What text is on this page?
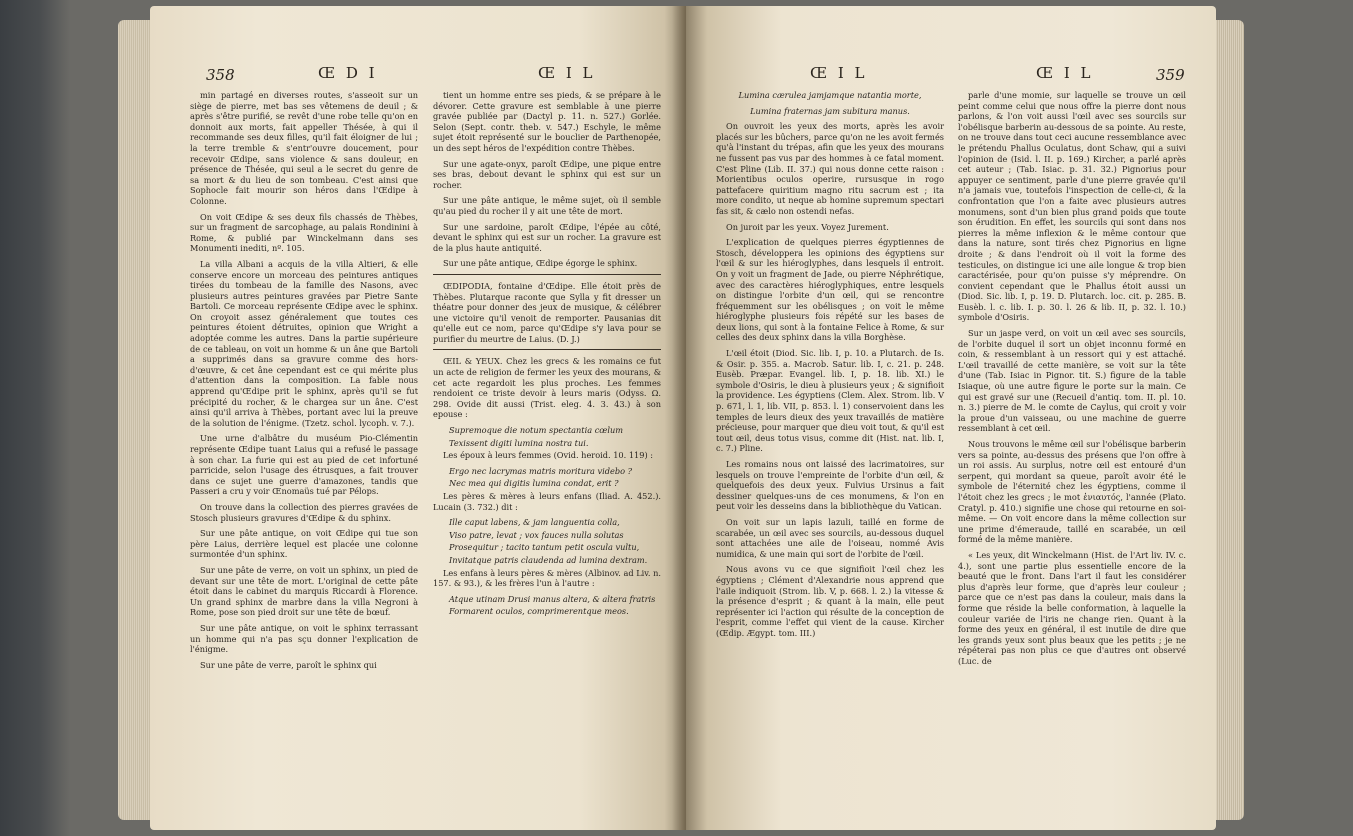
358	Œ D I	Œ I L

min partagé en diverses routes, s'asseoit sur un siège de pierre, met bas ses vêtemens de deuil ; & après s'être purifié, se revêt d'une robe telle qu'on en donnoit aux morts, fait appeller Thésée, à qui il recommande ses deux filles, qu'il fait éloigner de lui ; la terre tremble & s'entr'ouvre doucement, pour recevoir Œdipe, sans violence & sans douleur, en présence de Thésée, qui seul a le secret du genre de sa mort & du lieu de son tombeau. C'est ainsi que Sophocle fait mourir son héros dans l'Œdipe à Colonne.

On voit Œdipe & ses deux fils chassés de Thèbes, sur un fragment de sarcophage, au palais Rondinini à Rome, & publié par Winckelmann dans ses Monumenti inediti, nº. 105.

La villa Albani a acquis de la villa Altieri, & elle conserve encore un morceau des peintures antiques tirées du tombeau de la famille des Nasons, avec plusieurs autres peintures gravées par Pietre Sante Bartoli. Ce morceau représente Œdipe avec le sphinx. On croyoit assez généralement que toutes ces peintures étoient détruites, opinion que Wright a adoptée comme les autres. Dans la partie supérieure de ce tableau, on voit un homme & un âne que Bartoli a supprimés dans sa gravure comme des hors-d'œuvre, & cet âne cependant est ce qui mérite plus d'attention dans la composition. La fable nous apprend qu'Œdipe prit le sphinx, après qu'il se fut précipité du rocher, & le chargea sur un âne. C'est ainsi qu'il arriva à Thèbes, portant avec lui la preuve de la solution de l'énigme. (Tzetz. schol. lycoph. v. 7.).

Une urne d'albâtre du muséum Pio-Clémentin représente Œdipe tuant Laius qui a refusé le passage à son char. La furie qui est au pied de cet infortuné parricide, selon l'usage des étrusques, a fait trouver dans ce sujet une guerre d'amazones, tandis que Passeri a cru y voir Œnomaüs tué par Pélops.

On trouve dans la collection des pierres gravées de Stosch plusieurs gravures d'Œdipe & du sphinx.

Sur une pâte antique, on voit Œdipe qui tue son père Laius, derrière lequel est placée une colonne surmontée d'un sphinx.

Sur une pâte de verre, on voit un sphinx, un pied de devant sur une tête de mort. L'original de cette pâte étoit dans le cabinet du marquis Riccardi à Florence. Un grand sphinx de marbre dans la villa Negroni à Rome, pose son pied droit sur une tête de bœuf.

Sur une pâte antique, on voit le sphinx terrassant un homme qui n'a pas sçu donner l'explication de l'énigme.

Sur une pâte de verre, paroît le sphinx qui

tient un homme entre ses pieds, & se prépare à le dévorer. Cette gravure est semblable à une pierre gravée publiée par (Dactyl p. 11. n. 527.) Gorlée. Selon (Sept. contr. theb. v. 547.) Eschyle, le même sujet étoit représenté sur le bouclier de Parthenopée, un des sept héros de l'expédition contre Thèbes.

Sur une agate-onyx, paroît Œdipe, une pique entre ses bras, debout devant le sphinx qui est sur un rocher.

Sur une pâte antique, le même sujet, où il semble qu'au pied du rocher il y ait une tête de mort.

Sur une sardoine, paroît Œdipe, l'épée au côté, devant le sphinx qui est sur un rocher. La gravure est de la plus haute antiquité.

Sur une pâte antique, Œdipe égorge le sphinx.

ŒDIPODIA, fontaine d'Œdipe. Elle étoit près de Thèbes. Plutarque raconte que Sylla y fit dresser un théatre pour donner des jeux de musique, & célébrer une victoire qu'il venoit de remporter. Pausanias dit qu'elle eut ce nom, parce qu'Œdipe s'y lava pour se purifier du meurtre de Laius. (D. J.)

ŒIL & YEUX. Chez les grecs & les romains ce fut un acte de religion de fermer les yeux des mourans, & cet acte regardoit les plus proches. Les femmes rendoient ce triste devoir à leurs maris (Odyss. Ω. 298. Ovide dit aussi (Trist. eleg. 4. 3. 43.) à son epouse :

Supremoque die notum spectantia cœlum

Texissent digiti lumina nostra tui.

Les époux à leurs femmes (Ovid. heroid. 10. 119) :

Ergo nec lacrymas matris moritura videbo ?

Nec mea qui digitis lumina condat, erit ?

Les pères & mères à leurs enfans (Iliad. A. 452.). Lucain (3. 732.) dit :

Ille caput labens, & jam languentia colla,

Viso patre, levat ; vox fauces nulla solutas

Prosequitur ; tacito tantum petit oscula vultu,

Invitatque patris claudenda ad lumina dextram.

Les enfans à leurs pères & mères (Albinov. ad Liv. n. 157. & 93.), & les frères l'un à l'autre :

Atque utinam Drusi manus altera, & altera fratris

Formarent oculos, comprimerentque meos.

Œ I L	Œ I L	359

Lumina cærulea jamjamque natantia morte,

Lumina fraternas jam subitura manus.

On ouvroit les yeux des morts, après les avoir placés sur les bûchers, parce qu'on ne les avoit fermés qu'à l'instant du trépas, afin que les yeux des mourans ne fussent pas vus par des hommes à ce fatal moment. C'est Pline (Lib. II. 37.) qui nous donne cette raison : Morientibus oculos operire, rursusque in rogo pattefacere quiritium magno ritu sacrum est ; ita more condito, ut neque ab homine supremum spectari fas sit, & cælo non ostendi nefas.

On juroit par les yeux. Voyez Jurement.

L'explication de quelques pierres égyptiennes de Stosch, développera les opinions des égyptiens sur l'œil & sur les hiéroglyphes, dans lesquels il entroit. On y voit un fragment de Jade, ou pierre Néphrétique, avec des caractères hiéroglyphiques, entre lesquels on distingue l'orbite d'un œil, qui se rencontre fréquemment sur les obélisques ; on voit le même hiéroglyphe plusieurs fois répété sur les bases de deux lions, qui sont à la fontaine Felice à Rome, & sur celles des deux sphinx dans la villa Borghèse.

L'œil étoit (Diod. Sic. lib. I, p. 10. a Plutarch. de Is. & Osir. p. 355. a. Macrob. Satur. lib. I, c. 21. p. 248. Eusèb. Præpar. Evangel. lib. I, p. 18. lib. XI.) le symbole d'Osiris, le dieu à plusieurs yeux ; & signifioit la providence. Les égyptiens (Clem. Alex. Strom. lib. V p. 671, l. 1, lib. VII, p. 853. l. 1) conservoient dans les temples de leurs dieux des yeux travaillés de matière précieuse, pour marquer que dieu voit tout, & qu'il est tout œil, deus totus visus, comme dit (Hist. nat. lib. I, c. 7.) Pline.

Les romains nous ont laissé des lacrimatoires, sur lesquels on trouve l'empreinte de l'orbite d'un œil, & quelquefois des deux yeux. Fulvius Ursinus a fait dessiner quelques-uns de ces monumens, & l'on en peut voir les desseins dans la bibliothèque du Vatican.

On voit sur un lapis lazuli, taillé en forme de scarabée, un œil avec ses sourcils, au-dessous duquel sont attachées une aile de l'oiseau, nommé Avis numidica, & une main qui sort de l'orbite de l'œil.

Nous avons vu ce que signifioit l'œil chez les égyptiens ; Clément d'Alexandrie nous apprend que l'aile indiquoit (Strom. lib. V, p. 668. l. 2.) la vitesse & la présence d'esprit ; & quant à la main, elle peut représenter ici l'action qui résulte de la conception de l'esprit, comme l'effet qui vient de la cause. Kircher (Œdip. Ægypt. tom. III.)

parle d'une momie, sur laquelle se trouve un œil peint comme celui que nous offre la pierre dont nous parlons, & l'on voit aussi l'œil avec ses sourcils sur l'obélisque barberin au-dessous de sa pointe. Au reste, on ne trouve dans tout ceci aucune ressemblance avec le prétendu Phallus Oculatus, dont Schaw, qui a suivi l'opinion de (Isid. l. II. p. 169.) Kircher, a parlé après cet auteur ; (Tab. Isiac. p. 31. 32.) Pignorius pour appuyer ce sentiment, parle d'une pierre gravée qu'il n'a jamais vue, toutefois l'inspection de celle-ci, & la confrontation que l'on a faite avec plusieurs autres monumens, sont d'un bien plus grand poids que toute son érudition. En effet, les sourcils qui sont dans nos pierres la même inflexion & le même contour que dans la nature, sont tirés chez Pignorius en ligne droite ; & dans l'endroit où il voit la forme des testicules, on distingue ici une aile longue & trop bien caractérisée, pour qu'on puisse s'y méprendre. On convient cependant que le Phallus étoit aussi un (Diod. Sic. lib. I, p. 19. D. Plutarch. loc. cit. p. 285. B. Eusèb. l. c. lib. I. p. 30. l. 26 & lib. II, p. 32. l. 10.) symbole d'Osiris.

Sur un jaspe verd, on voit un œil avec ses sourcils, de l'orbite duquel il sort un objet inconnu formé en coin, & ressemblant à un ressort qui y est attaché. L'œil travaillé de cette manière, se voit sur la tête d'une (Tab. Isiac in Pignor. tit. S.) figure de la table Isiaque, où une autre figure le porte sur la main. Ce qui est gravé sur une (Recueil d'antiq. tom. II. pl. 10. n. 3.) pierre de M. le comte de Caylus, qui croit y voir la proue d'un vaisseau, ou une machine de guerre ressemblant à cet œil.

Nous trouvons le même œil sur l'obélisque barberin vers sa pointe, au-dessus des présens que l'on offre à un roi assis. Au surplus, notre œil est entouré d'un serpent, qui mordant sa queue, paroît avoir été le symbole de l'éternité chez les égyptiens, comme il l'étoit chez les grecs ; le mot ἐνιαυτός, l'année (Plato. Cratyl. p. 410.) signifie une chose qui retourne en soi-même. — On voit encore dans la même collection sur une prime d'émeraude, taillé en scarabée, un œil formé de la même manière.

« Les yeux, dit Winckelmann (Hist. de l'Art liv. IV. c. 4.), sont une partie plus essentielle encore de la beauté que le front. Dans l'art il faut les considérer plus d'après leur forme, que d'après leur couleur ; parce que ce n'est pas dans la couleur, mais dans la forme que réside la belle conformation, à laquelle la couleur variée de l'iris ne change rien. Quant à la forme des yeux en général, il est inutile de dire que les grands yeux sont plus beaux que les petits ; je ne répéterai pas non plus ce que d'autres ont observé (Luc. de
